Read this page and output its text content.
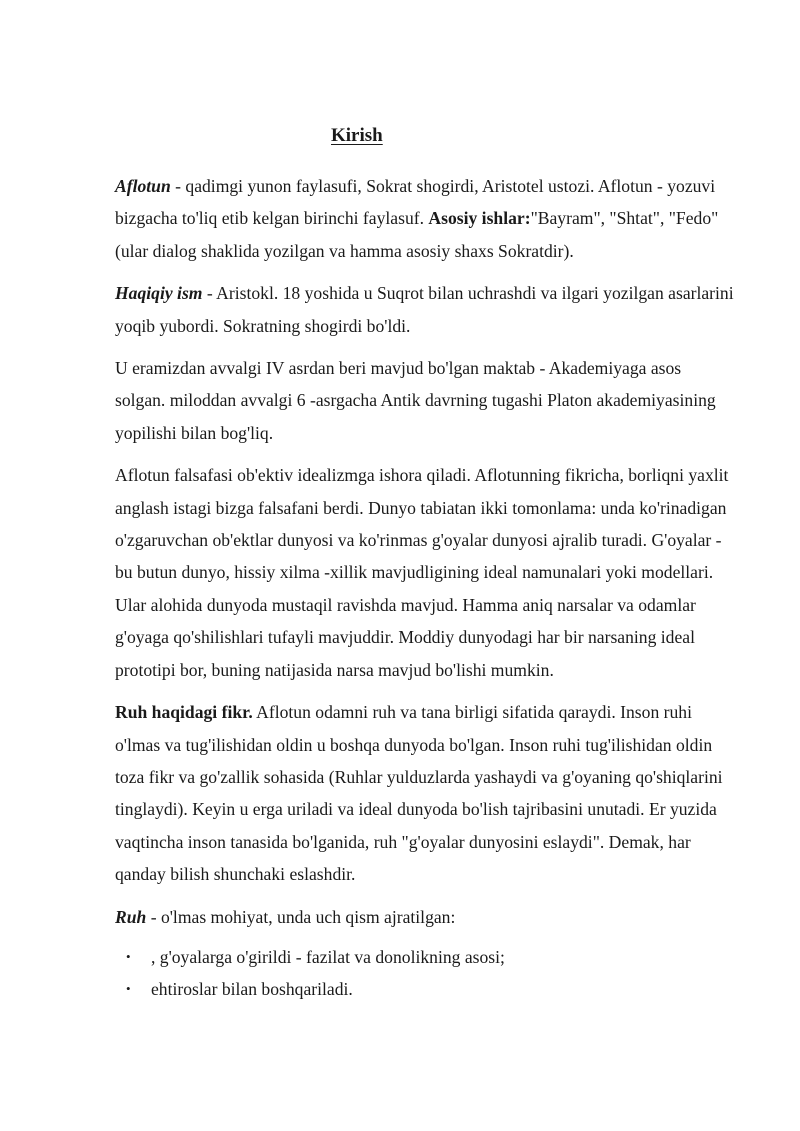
Kirish

Aflotun - qadimgi yunon faylasufi, Sokrat shogirdi, Aristotel ustozi. Aflotun - yozuvi bizgacha to'liq etib kelgan birinchi faylasuf. Asosiy ishlar:"Bayram", "Shtat", "Fedo" (ular dialog shaklida yozilgan va hamma asosiy shaxs Sokratdir).

Haqiqiy ism - Aristokl. 18 yoshida u Suqrot bilan uchrashdi va ilgari yozilgan asarlarini yoqib yubordi. Sokratning shogirdi bo'ldi.

U eramizdan avvalgi IV asrdan beri mavjud bo'lgan maktab - Akademiyaga asos solgan. miloddan avvalgi 6 -asrgacha Antik davrning tugashi Platon akademiyasining yopilishi bilan bog'liq.

Aflotun falsafasi ob'ektiv idealizmga ishora qiladi. Aflotunning fikricha, borliqni yaxlit anglash istagi bizga falsafani berdi. Dunyo tabiatan ikki tomonlama: unda ko'rinadigan o'zgaruvchan ob'ektlar dunyosi va ko'rinmas g'oyalar dunyosi ajralib turadi. G'oyalar - bu butun dunyo, hissiy xilma -xillik mavjudligining ideal namunalari yoki modellari. Ular alohida dunyoda mustaqil ravishda mavjud. Hamma aniq narsalar va odamlar g'oyaga qo'shilishlari tufayli mavjuddir. Moddiy dunyodagi har bir narsaning ideal prototipi bor, buning natijasida narsa mavjud bo'lishi mumkin.

Ruh haqidagi fikr. Aflotun odamni ruh va tana birligi sifatida qaraydi. Inson ruhi o'lmas va tug'ilishidan oldin u boshqa dunyoda bo'lgan. Inson ruhi tug'ilishidan oldin toza fikr va go'zallik sohasida (Ruhlar yulduzlarda yashaydi va g'oyaning qo'shiqlarini tinglaydi). Keyin u erga uriladi va ideal dunyoda bo'lish tajribasini unutadi. Er yuzida vaqtincha inson tanasida bo'lganida, ruh "g'oyalar dunyosini eslaydi". Demak, har qanday bilish shunchaki eslashdir.

Ruh - o'lmas mohiyat, unda uch qism ajratilgan:

• , g'oyalarga o'girildi - fazilat va donolikning asosi;
• ehtiroslar bilan boshqariladi.
